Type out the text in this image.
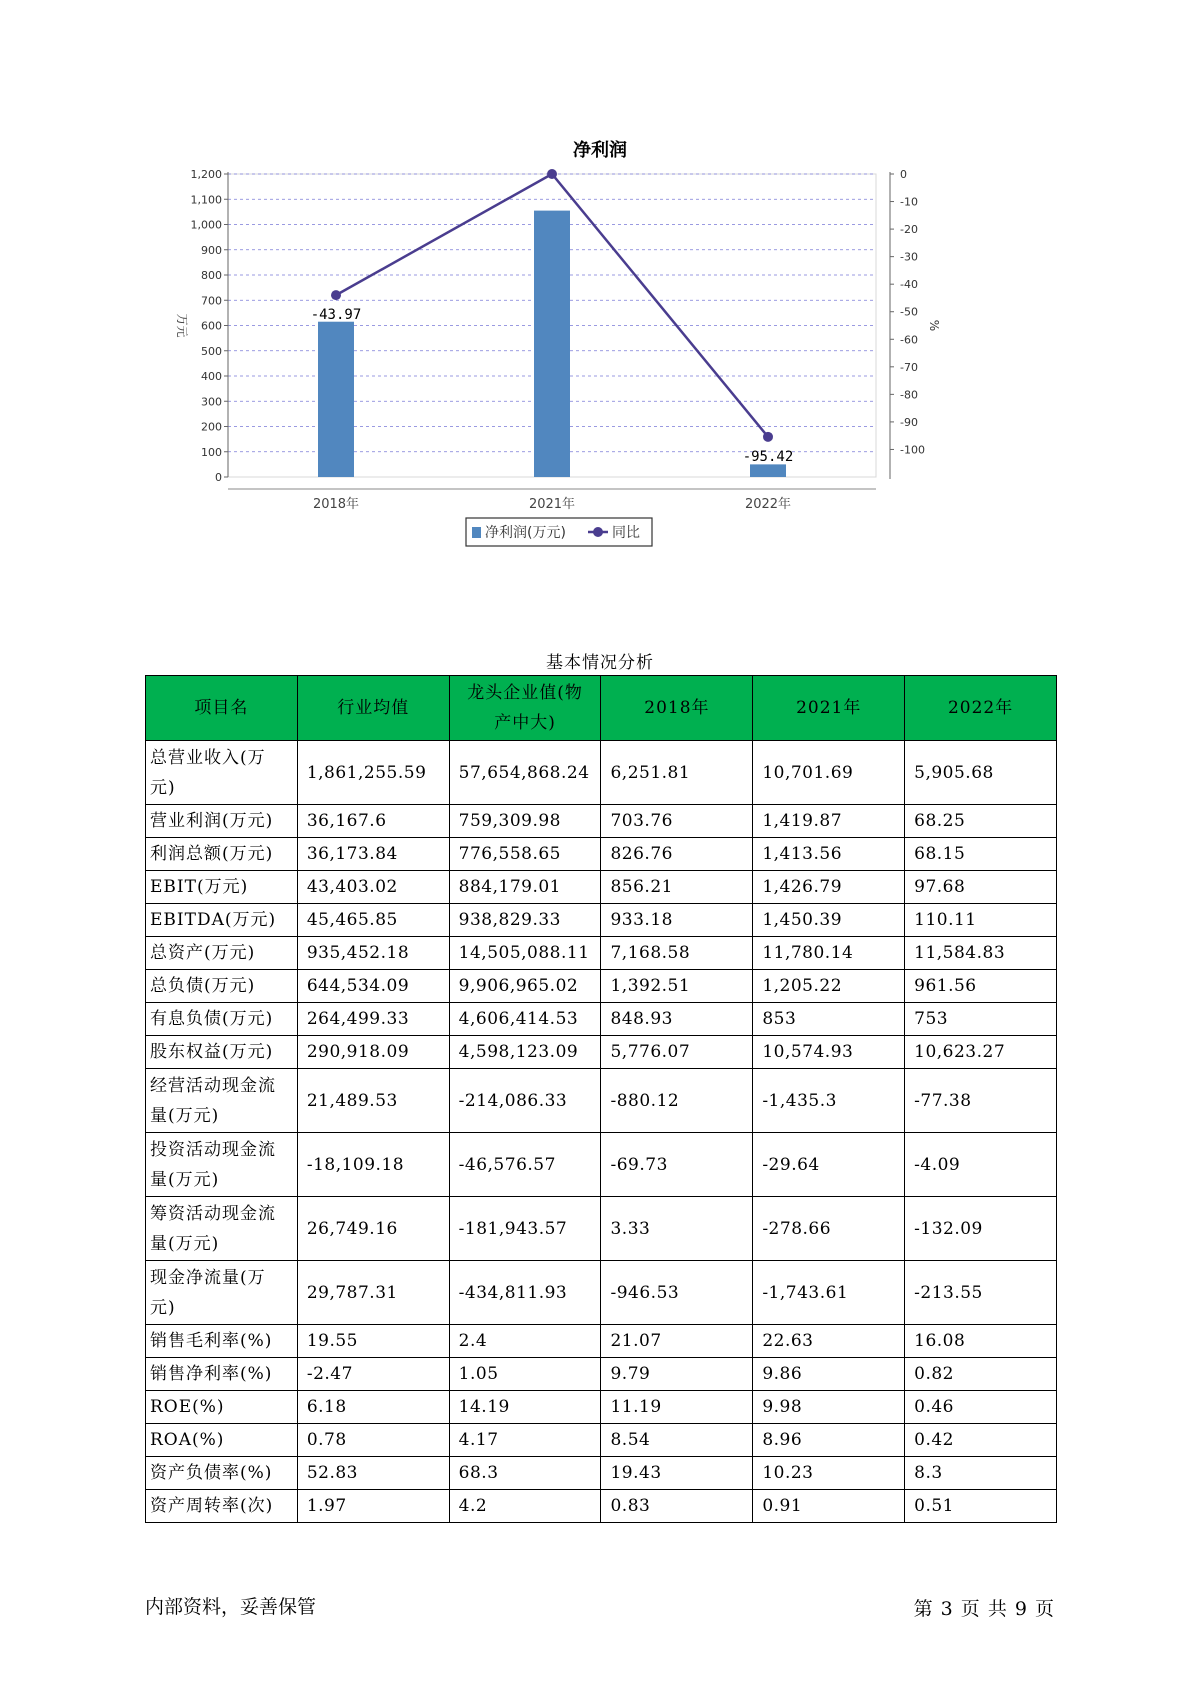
净利润
0
100
200
300
400
500
600
700
800
900
1,000
1,100
1,200	0
-10
-20
-30
-40
-50
-60
-70
-80
-90
-100
万元	%
2018年	2021年	2022年
-43.97
-95.42
净利润(万元)	同比
基本情况分析
项目名	行业均值	龙头企业值(物产中大)	2018年	2021年	2022年
总营业收入(万元)	1,861,255.59	57,654,868.24	6,251.81	10,701.69	5,905.68
营业利润(万元)	36,167.6	759,309.98	703.76	1,419.87	68.25
利润总额(万元)	36,173.84	776,558.65	826.76	1,413.56	68.15
EBIT(万元)	43,403.02	884,179.01	856.21	1,426.79	97.68
EBITDA(万元)	45,465.85	938,829.33	933.18	1,450.39	110.11
总资产(万元)	935,452.18	14,505,088.11	7,168.58	11,780.14	11,584.83
总负债(万元)	644,534.09	9,906,965.02	1,392.51	1,205.22	961.56
有息负债(万元)	264,499.33	4,606,414.53	848.93	853	753
股东权益(万元)	290,918.09	4,598,123.09	5,776.07	10,574.93	10,623.27
经营活动现金流量(万元)	21,489.53	-214,086.33	-880.12	-1,435.3	-77.38
投资活动现金流量(万元)	-18,109.18	-46,576.57	-69.73	-29.64	-4.09
筹资活动现金流量(万元)	26,749.16	-181,943.57	3.33	-278.66	-132.09
现金净流量(万元)	29,787.31	-434,811.93	-946.53	-1,743.61	-213.55
销售毛利率(%)	19.55	2.4	21.07	22.63	16.08
销售净利率(%)	-2.47	1.05	9.79	9.86	0.82
ROE(%)	6.18	14.19	11.19	9.98	0.46
ROA(%)	0.78	4.17	8.54	8.96	0.42
资产负债率(%)	52.83	68.3	19.43	10.23	8.3
资产周转率(次)	1.97	4.2	0.83	0.91	0.51
内部资料，妥善保管	第 3 页 共 9 页
